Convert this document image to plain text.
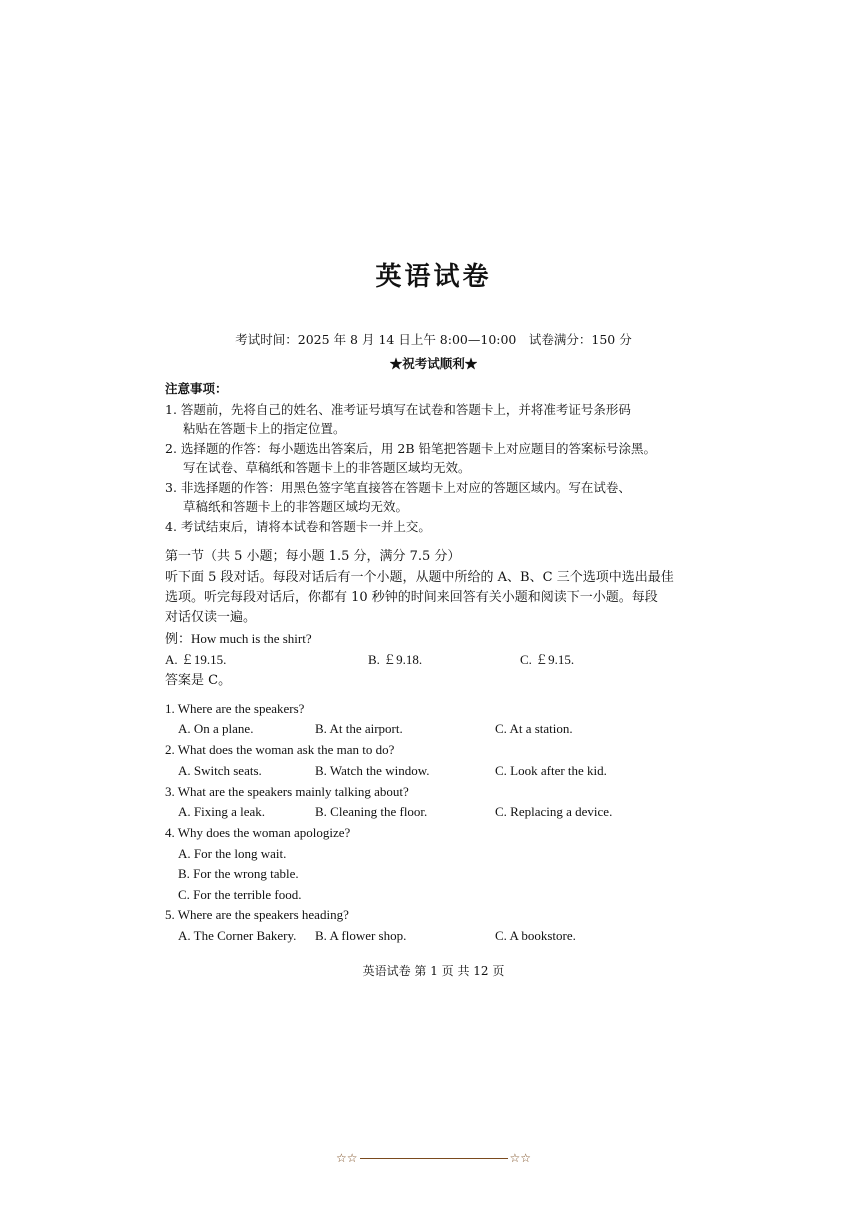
英语试卷
考试时间：2025 年 8 月 14 日上午 8:00—10:00　试卷满分：150 分
★祝考试顺利★
注意事项：
1. 答题前，先将自己的姓名、准考证号填写在试卷和答题卡上，并将准考证号条形码
粘贴在答题卡上的指定位置。
2. 选择题的作答：每小题选出答案后，用 2B 铅笔把答题卡上对应题目的答案标号涂黑。
写在试卷、草稿纸和答题卡上的非答题区域均无效。
3. 非选择题的作答：用黑色签字笔直接答在答题卡上对应的答题区域内。写在试卷、
草稿纸和答题卡上的非答题区域均无效。
4. 考试结束后，请将本试卷和答题卡一并上交。
第一节（共 5 小题；每小题 1.5 分，满分 7.5 分）
听下面 5 段对话。每段对话后有一个小题，从题中所给的 A、B、C 三个选项中选出最佳
选项。听完每段对话后，你都有 10 秒钟的时间来回答有关小题和阅读下一小题。每段
对话仅读一遍。
例：How much is the shirt?
A. ￡19.15.	B. ￡9.18.	C. ￡9.15.
答案是 C。
1. Where are the speakers?
A. On a plane.	B. At the airport.	C. At a station.
2. What does the woman ask the man to do?
A. Switch seats.	B. Watch the window.	C. Look after the kid.
3. What are the speakers mainly talking about?
A. Fixing a leak.	B. Cleaning the floor.	C. Replacing a device.
4. Why does the woman apologize?
A. For the long wait.
B. For the wrong table.
C. For the terrible food.
5. Where are the speakers heading?
A. The Corner Bakery. B. A flower shop.	C. A bookstore.
英语试卷 第 1 页 共 12 页
☆☆	☆☆
